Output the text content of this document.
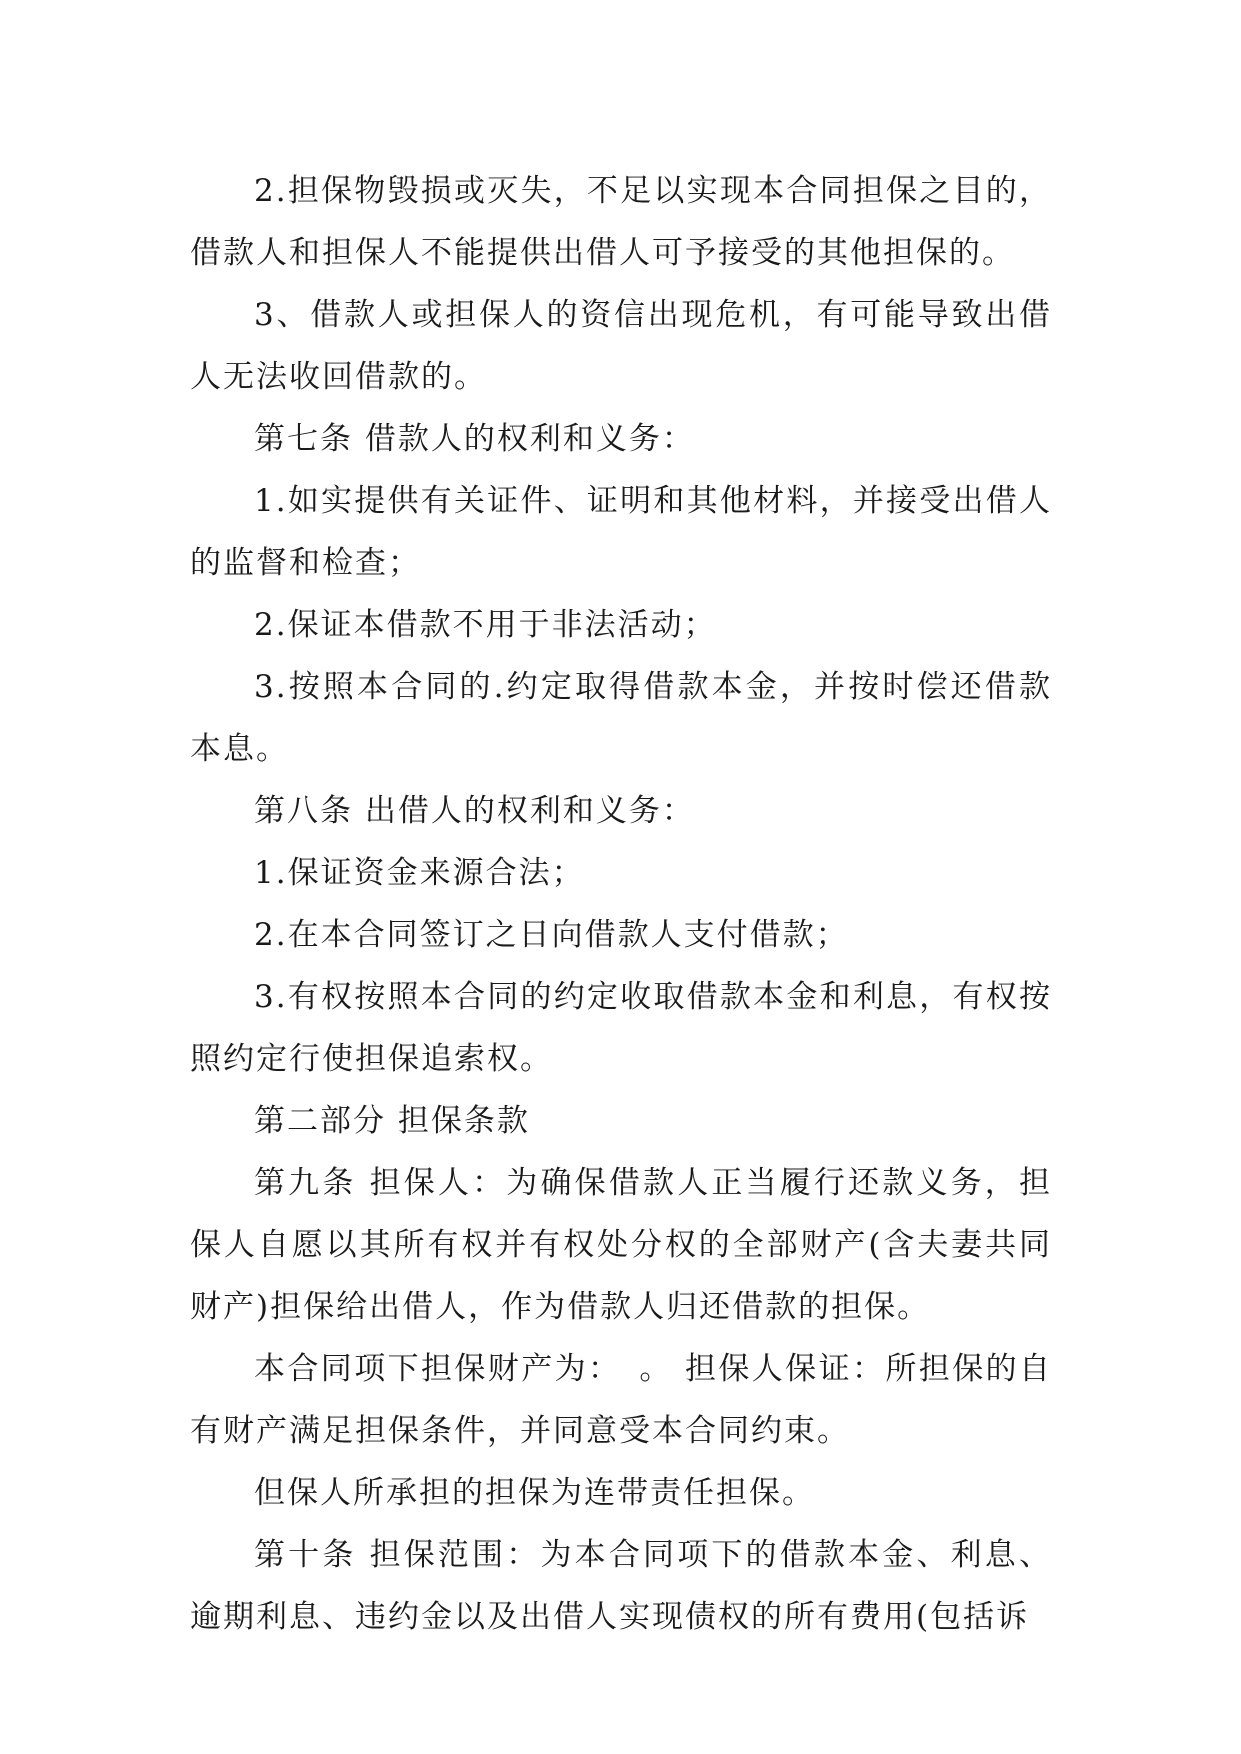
2.担保物毁损或灭失，不足以实现本合同担保之目的，借款人和担保人不能提供出借人可予接受的其他担保的。

3、借款人或担保人的资信出现危机，有可能导致出借人无法收回借款的。

第七条 借款人的权利和义务：

1.如实提供有关证件、证明和其他材料，并接受出借人的监督和检查；

2.保证本借款不用于非法活动；

3.按照本合同的.约定取得借款本金，并按时偿还借款本息。

第八条 出借人的权利和义务：

1.保证资金来源合法；

2.在本合同签订之日向借款人支付借款；

3.有权按照本合同的约定收取借款本金和利息，有权按照约定行使担保追索权。

第二部分 担保条款

第九条 担保人：为确保借款人正当履行还款义务，担保人自愿以其所有权并有权处分权的全部财产(含夫妻共同财产)担保给出借人，作为借款人归还借款的担保。

本合同项下担保财产为：　。 担保人保证：所担保的自有财产满足担保条件，并同意受本合同约束。

但保人所承担的担保为连带责任担保。

第十条 担保范围：为本合同项下的借款本金、利息、逾期利息、违约金以及出借人实现债权的所有费用(包括诉
